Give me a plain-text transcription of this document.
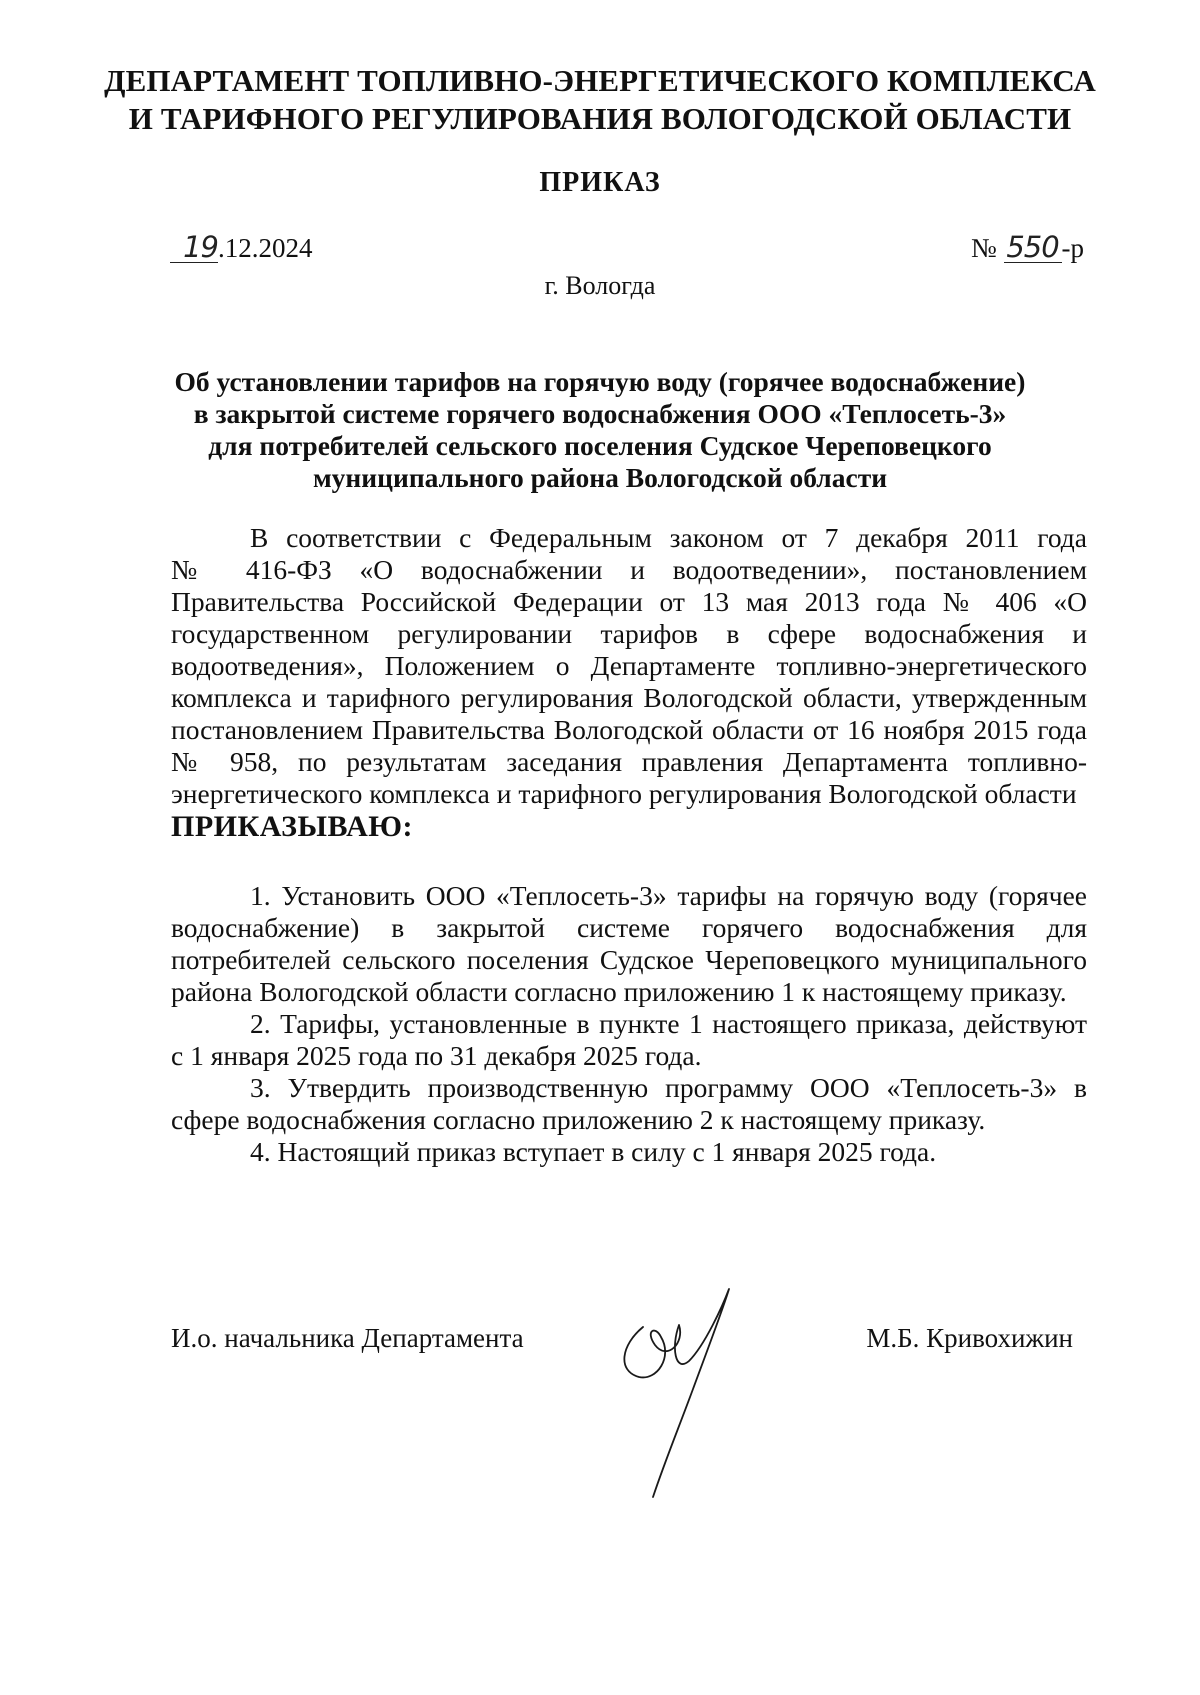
ДЕПАРТАМЕНТ ТОПЛИВНО-ЭНЕРГЕТИЧЕСКОГО КОМПЛЕКСА
И ТАРИФНОГО РЕГУЛИРОВАНИЯ ВОЛОГОДСКОЙ ОБЛАСТИ
ПРИКАЗ
19.12.2024	№ 550 -р
г. Вологда
Об установлении тарифов на горячую воду (горячее водоснабжение)
в закрытой системе горячего водоснабжения ООО «Теплосеть-3»
для потребителей сельского поселения Судское Череповецкого
муниципального района Вологодской области
В соответствии с Федеральным законом от 7 декабря 2011 года
№ 416-ФЗ «О водоснабжении и водоотведении», постановлением
Правительства Российской Федерации от 13 мая 2013 года № 406 «О
государственном регулировании тарифов в сфере водоснабжения и
водоотведения», Положением о Департаменте топливно-энергетического
комплекса и тарифного регулирования Вологодской области, утвержденным
постановлением Правительства Вологодской области от 16 ноября 2015 года
№ 958, по результатам заседания правления Департамента топливно-
энергетического комплекса и тарифного регулирования Вологодской области
ПРИКАЗЫВАЮ:
1. Установить ООО «Теплосеть-3» тарифы на горячую воду (горячее
водоснабжение) в закрытой системе горячего водоснабжения для
потребителей сельского поселения Судское Череповецкого муниципального
района Вологодской области согласно приложению 1 к настоящему приказу.
2. Тарифы, установленные в пункте 1 настоящего приказа, действуют
с 1 января 2025 года по 31 декабря 2025 года.
3. Утвердить производственную программу ООО «Теплосеть-3» в
сфере водоснабжения согласно приложению 2 к настоящему приказу.
4. Настоящий приказ вступает в силу с 1 января 2025 года.
И.о. начальника Департамента	М.Б. Кривохижин
